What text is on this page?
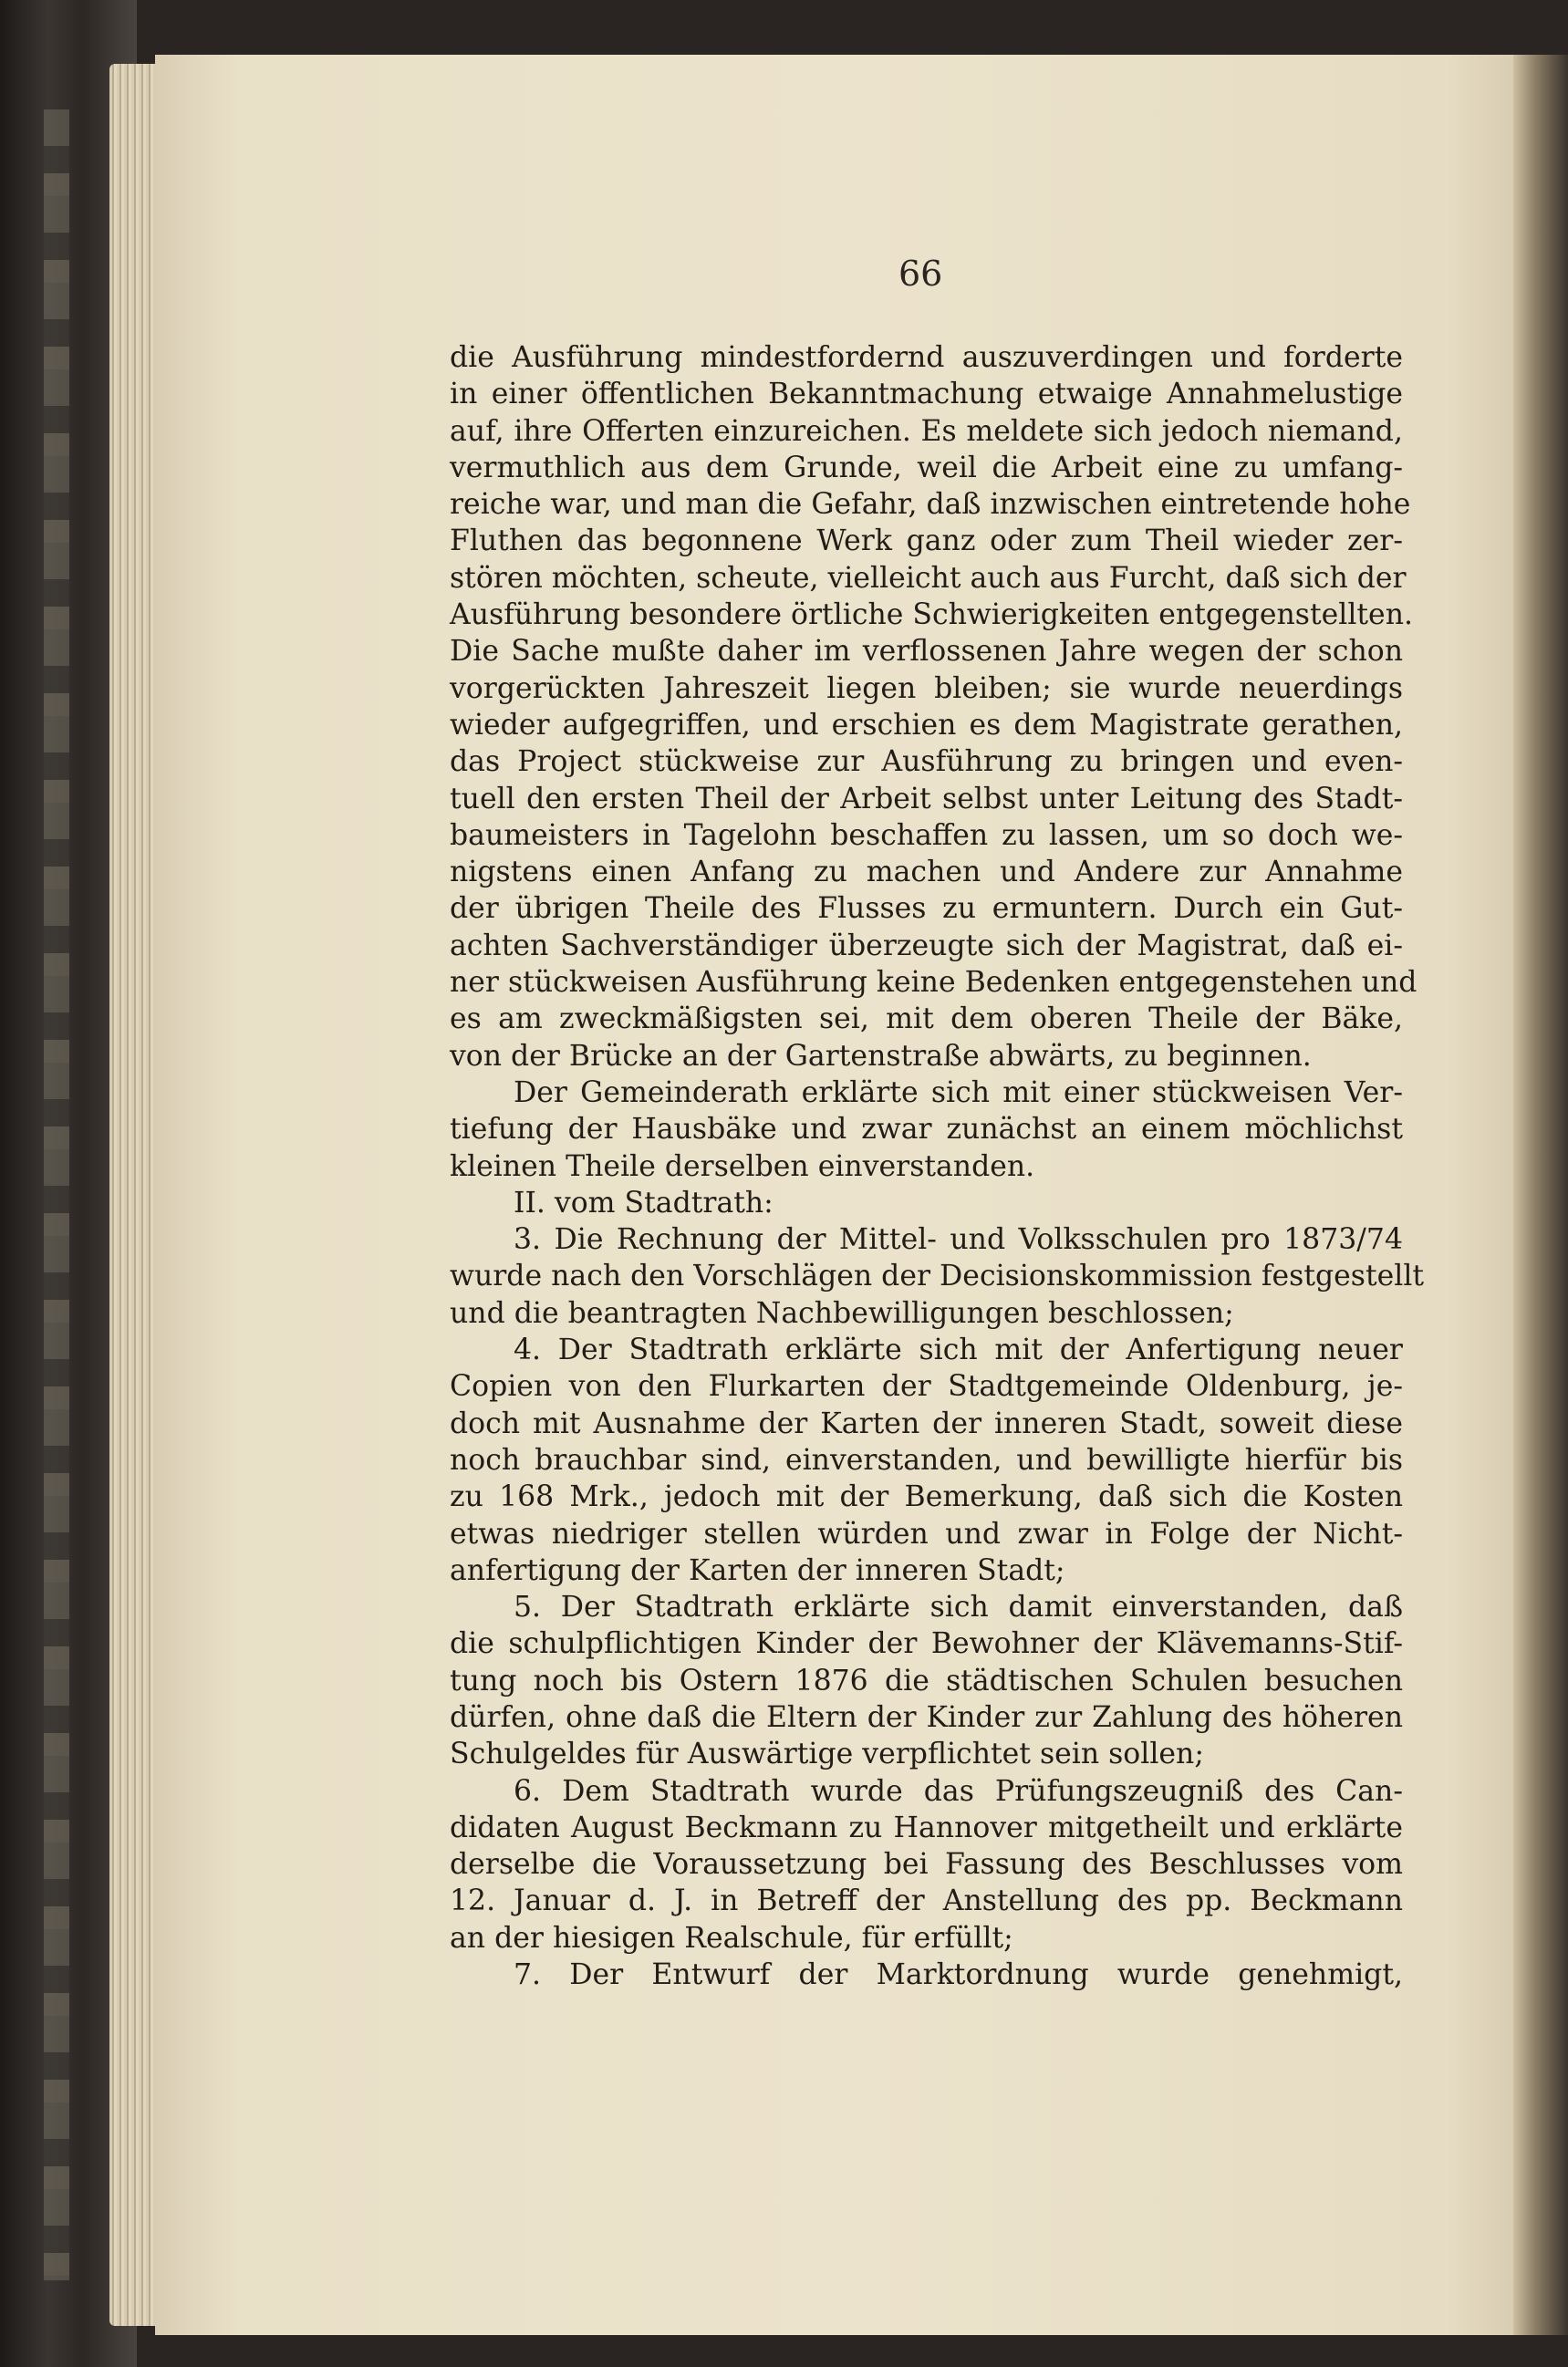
66
die Ausführung mindestfordernd auszuverdingen und forderte
in einer öffentlichen Bekanntmachung etwaige Annahmelustige
auf, ihre Offerten einzureichen. Es meldete sich jedoch niemand,
vermuthlich aus dem Grunde, weil die Arbeit eine zu umfang-
reiche war, und man die Gefahr, daß inzwischen eintretende hohe
Fluthen das begonnene Werk ganz oder zum Theil wieder zer-
stören möchten, scheute, vielleicht auch aus Furcht, daß sich der
Ausführung besondere örtliche Schwierigkeiten entgegenstellten.
Die Sache mußte daher im verflossenen Jahre wegen der schon
vorgerückten Jahreszeit liegen bleiben; sie wurde neuerdings
wieder aufgegriffen, und erschien es dem Magistrate gerathen,
das Project stückweise zur Ausführung zu bringen und even-
tuell den ersten Theil der Arbeit selbst unter Leitung des Stadt-
baumeisters in Tagelohn beschaffen zu lassen, um so doch we-
nigstens einen Anfang zu machen und Andere zur Annahme
der übrigen Theile des Flusses zu ermuntern. Durch ein Gut-
achten Sachverständiger überzeugte sich der Magistrat, daß ei-
ner stückweisen Ausführung keine Bedenken entgegenstehen und
es am zweckmäßigsten sei, mit dem oberen Theile der Bäke,
von der Brücke an der Gartenstraße abwärts, zu beginnen.
Der Gemeinderath erklärte sich mit einer stückweisen Ver-
tiefung der Hausbäke und zwar zunächst an einem möchlichst
kleinen Theile derselben einverstanden.
II. vom Stadtrath:
3. Die Rechnung der Mittel- und Volksschulen pro 1873/74
wurde nach den Vorschlägen der Decisionskommission festgestellt
und die beantragten Nachbewilligungen beschlossen;
4. Der Stadtrath erklärte sich mit der Anfertigung neuer
Copien von den Flurkarten der Stadtgemeinde Oldenburg, je-
doch mit Ausnahme der Karten der inneren Stadt, soweit diese
noch brauchbar sind, einverstanden, und bewilligte hierfür bis
zu 168 Mrk., jedoch mit der Bemerkung, daß sich die Kosten
etwas niedriger stellen würden und zwar in Folge der Nicht-
anfertigung der Karten der inneren Stadt;
5. Der Stadtrath erklärte sich damit einverstanden, daß
die schulpflichtigen Kinder der Bewohner der Klävemanns-Stif-
tung noch bis Ostern 1876 die städtischen Schulen besuchen
dürfen, ohne daß die Eltern der Kinder zur Zahlung des höheren
Schulgeldes für Auswärtige verpflichtet sein sollen;
6. Dem Stadtrath wurde das Prüfungszeugniß des Can-
didaten August Beckmann zu Hannover mitgetheilt und erklärte
derselbe die Voraussetzung bei Fassung des Beschlusses vom
12. Januar d. J. in Betreff der Anstellung des pp. Beckmann
an der hiesigen Realschule, für erfüllt;
7. Der Entwurf der Marktordnung wurde genehmigt,
